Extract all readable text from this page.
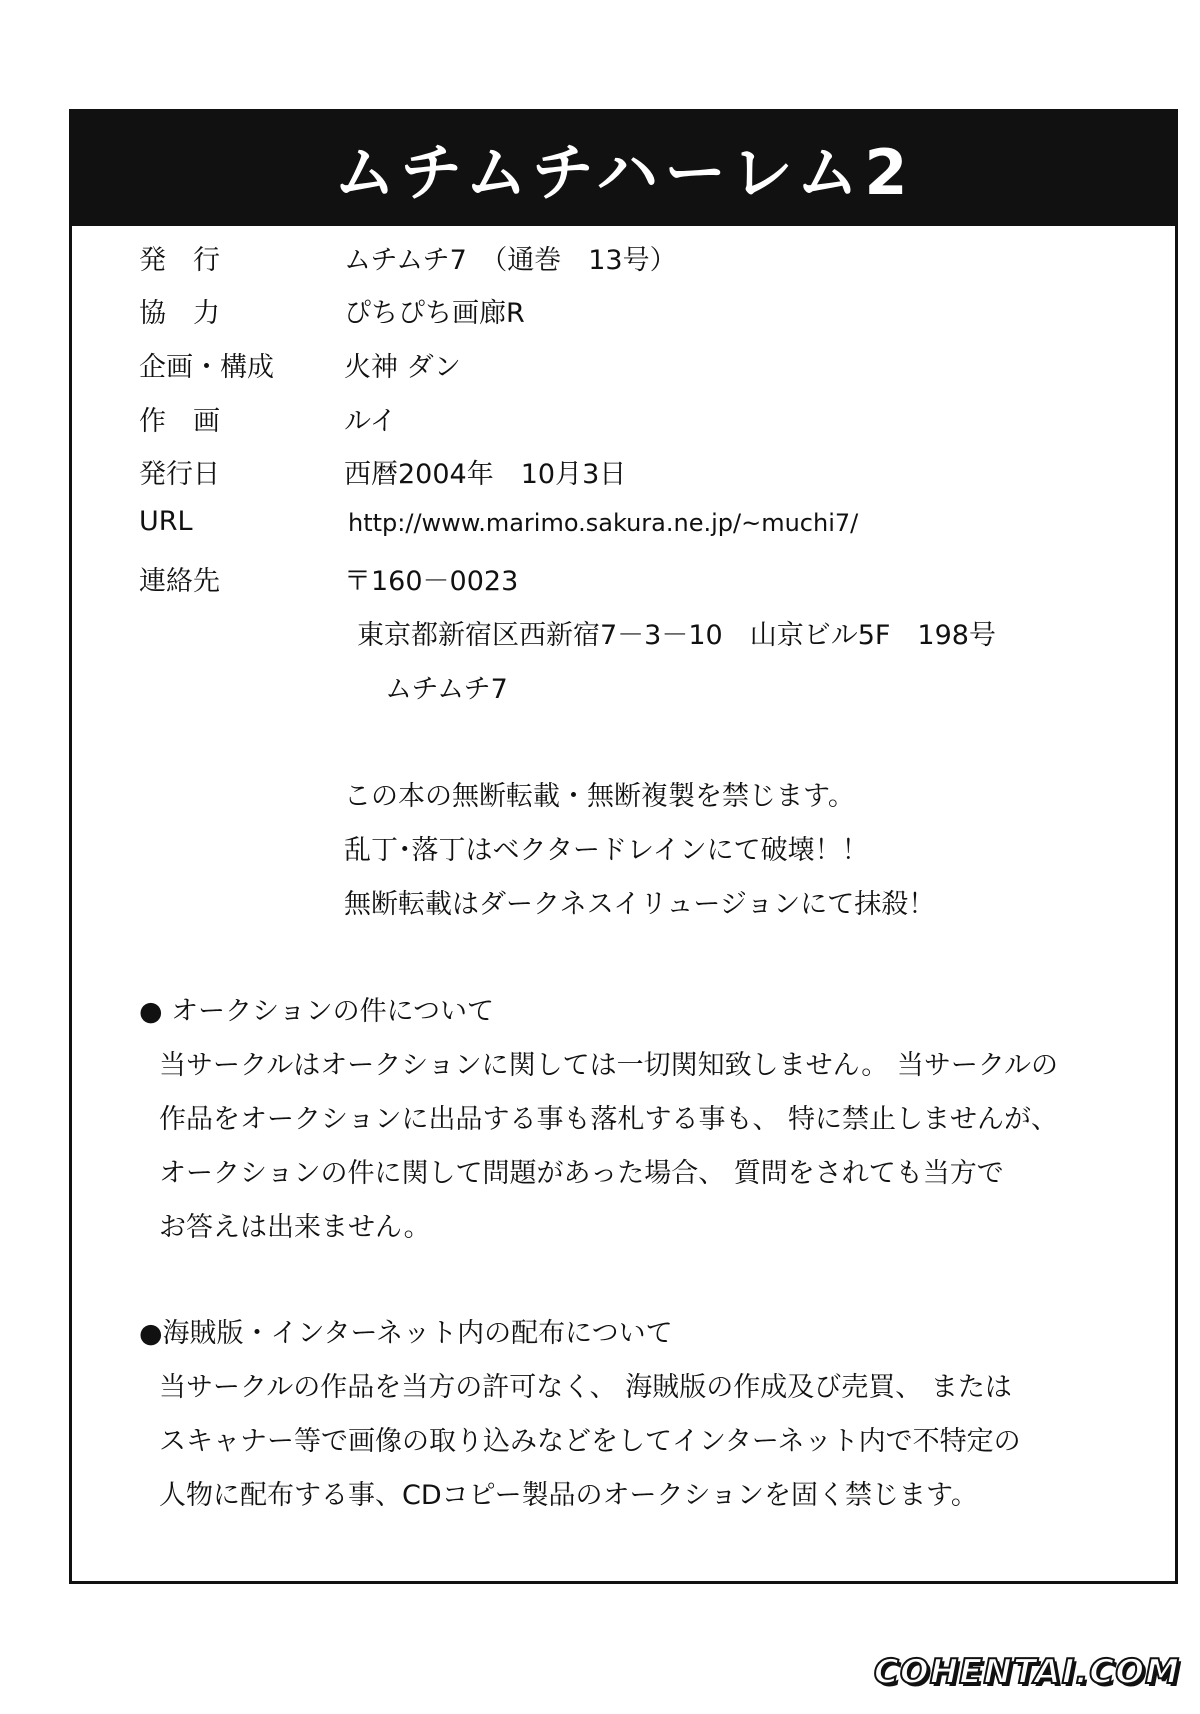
ムチムチハーレム2
発　行	ムチムチ7　（通巻　13号）
協　力	ぴちぴち画廊R
企画・構成	火神 ダン
作　画	ルイ
発行日	西暦2004年　10月3日
URL	http://www.marimo.sakura.ne.jp/~muchi7/
連絡先	〒160－0023
東京都新宿区西新宿7－3－10　山京ビル5F　198号
ムチムチ7
この本の無断転載・無断複製を禁じます。
乱丁･落丁はベクタードレインにて破壊！！
無断転載はダークネスイリュージョンにて抹殺！
● オークションの件について
当サークルはオークションに関しては一切関知致しません。 当サークルの
作品をオークションに出品する事も落札する事も、 特に禁止しませんが、
オークションの件に関して問題があった場合、 質問をされても当方で
お答えは出来ません。
●海賊版・インターネット内の配布について
当サークルの作品を当方の許可なく、 海賊版の作成及び売買、 または
スキャナー等で画像の取り込みなどをしてインターネット内で不特定の
人物に配布する事、CDコピー製品のオークションを固く禁じます。
COHENTAI.COM
